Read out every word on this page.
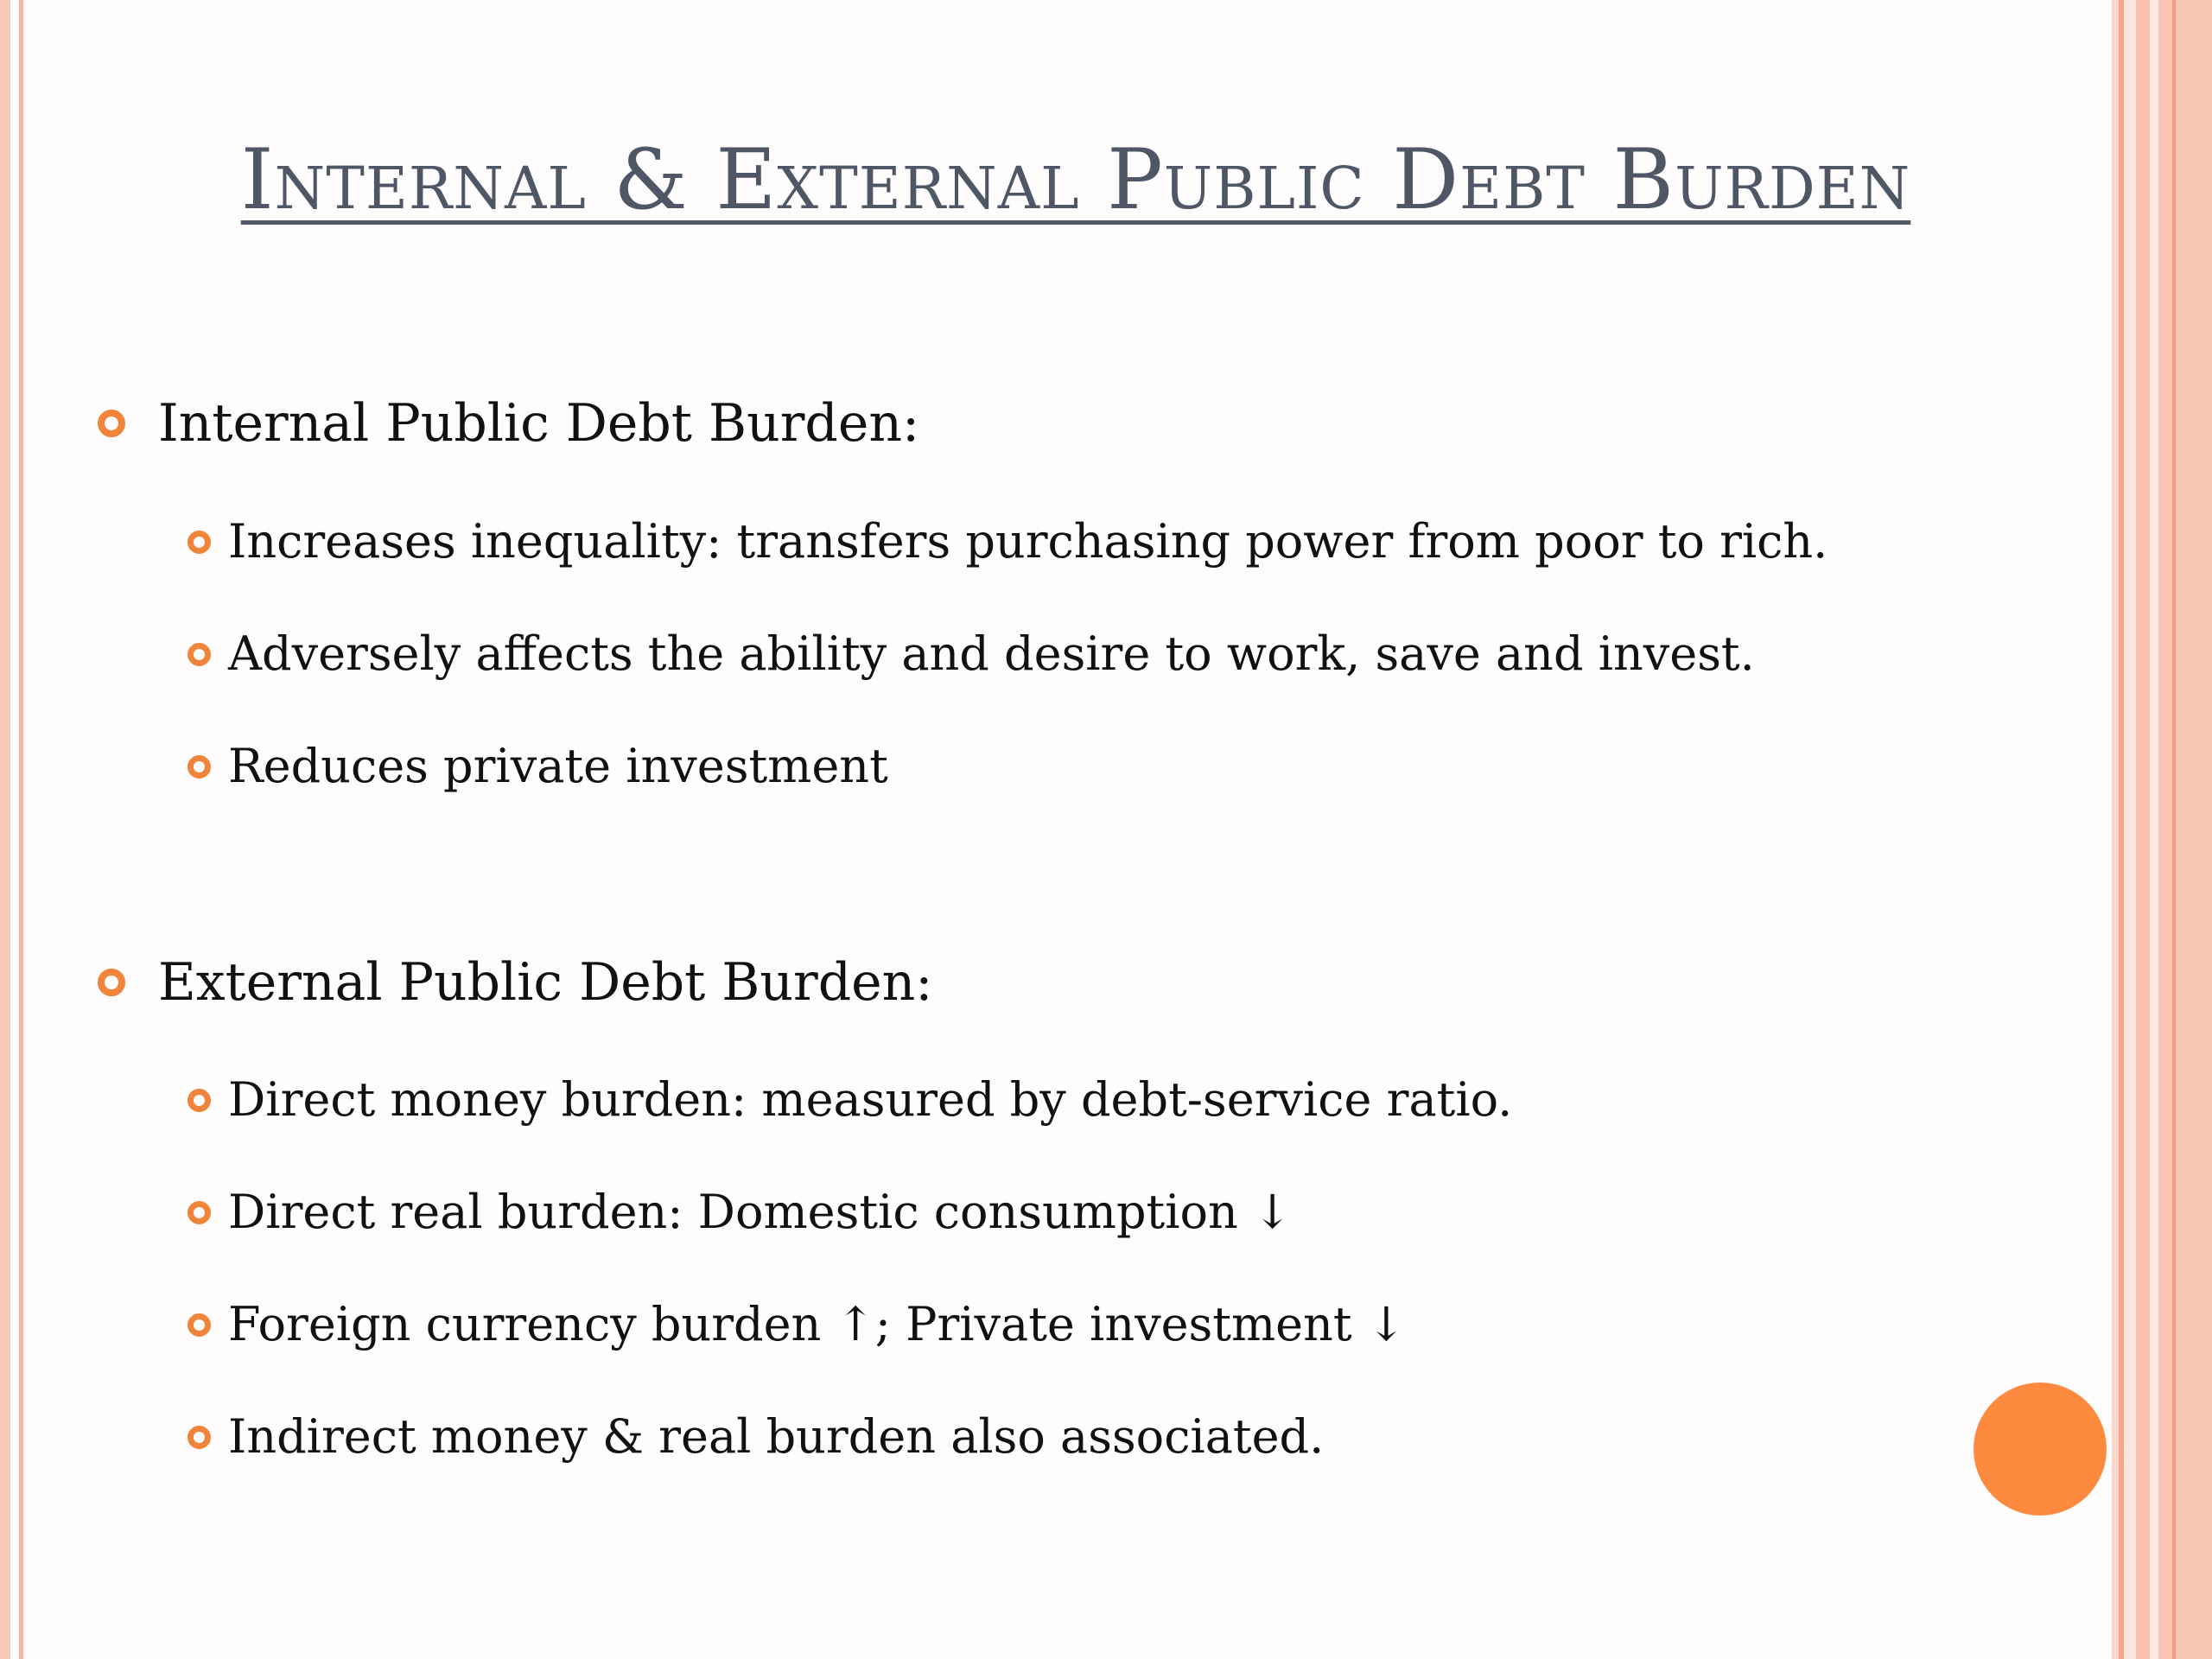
Internal & External Public Debt Burden
Internal Public Debt Burden:
Increases inequality: transfers purchasing power from poor to rich.
Adversely affects the ability and desire to work, save and invest.
Reduces private investment
External Public Debt Burden:
Direct money burden: measured by debt-service ratio.
Direct real burden: Domestic consumption ↓
Foreign currency burden ↑; Private investment ↓
Indirect money & real burden also associated.
